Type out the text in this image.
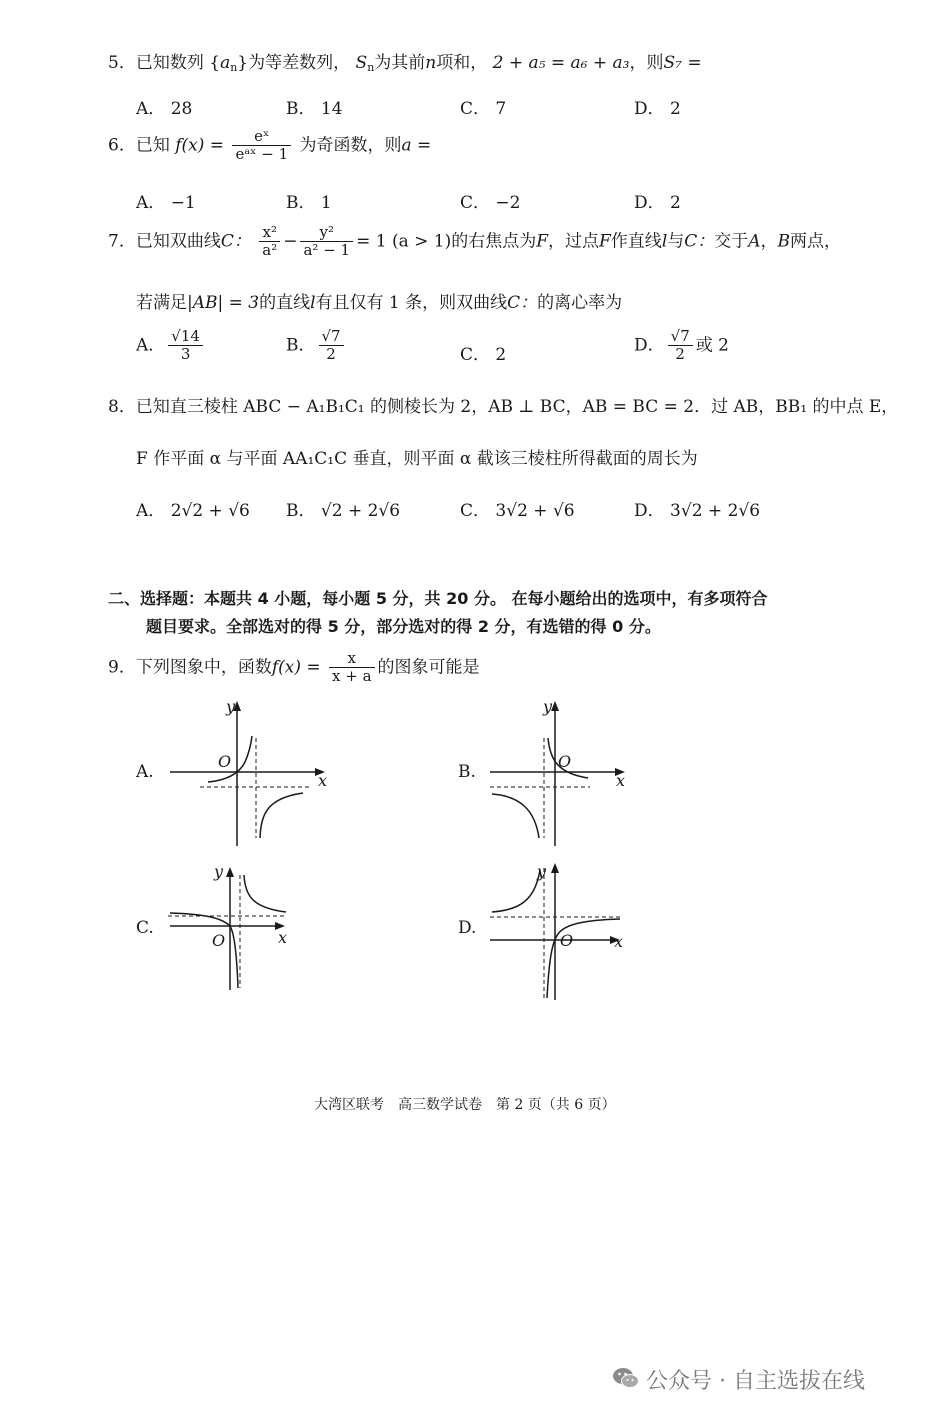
5．已知数列 $\{a_n\}$为等差数列， $S_n$为其前n项和， 2 + a₅ = a₆ + a₃，则S₇ =
A． 28	B． 14	C． 7	D． 2
6．已知 $f(x) = \frac{\text{eˣ}}{\text{eᵃˣ − 1}}$ 为奇函数，则a =
A． −1	B． 1	C． −2	D． 2
7．已知双曲线C： $\frac{\text{x²}}{\text{a²}} - \frac{\text{y²}}{\text{a² − 1}} = 1$ (a > 1)的右焦点为F，过点F作直线l与C：交于A，B两点，
若满足|AB| = 3的直线l有且仅有 1 条，则双曲线C：的离心率为
A． $\frac{√14}{3}$	B． $\frac{√7}{2}$	C． 2	D． $\frac{√7}{2}$ 或 2
8．已知直三棱柱 ABC − A₁B₁C₁ 的侧棱长为 2，AB ⊥ BC，AB = BC = 2．过 AB，BB₁ 的中点 E，
F 作平面 α 与平面 AA₁C₁C 垂直，则平面 α 截该三棱柱所得截面的周长为
A． 2√2 + √6 B． √2 + 2√6	C． 3√2 + √6	D． 3√2 + 2√6
二、选择题：本题共 4 小题，每小题 5 分，共 20 分。 在每小题给出的选项中，有多项符合
题目要求。全部选对的得 5 分，部分选对的得 2 分，有选错的得 0 分。
9．下列图象中，函数$f(x) = \frac{x}{x + a}$ 的图象可能是
A.
y
x
O
B.
y
x
O
C.
y
x
O
D.
y
x
O
大湾区联考　高三数学试卷　第 2 页（共 6 页）
公众号 · 自主选拔在线
